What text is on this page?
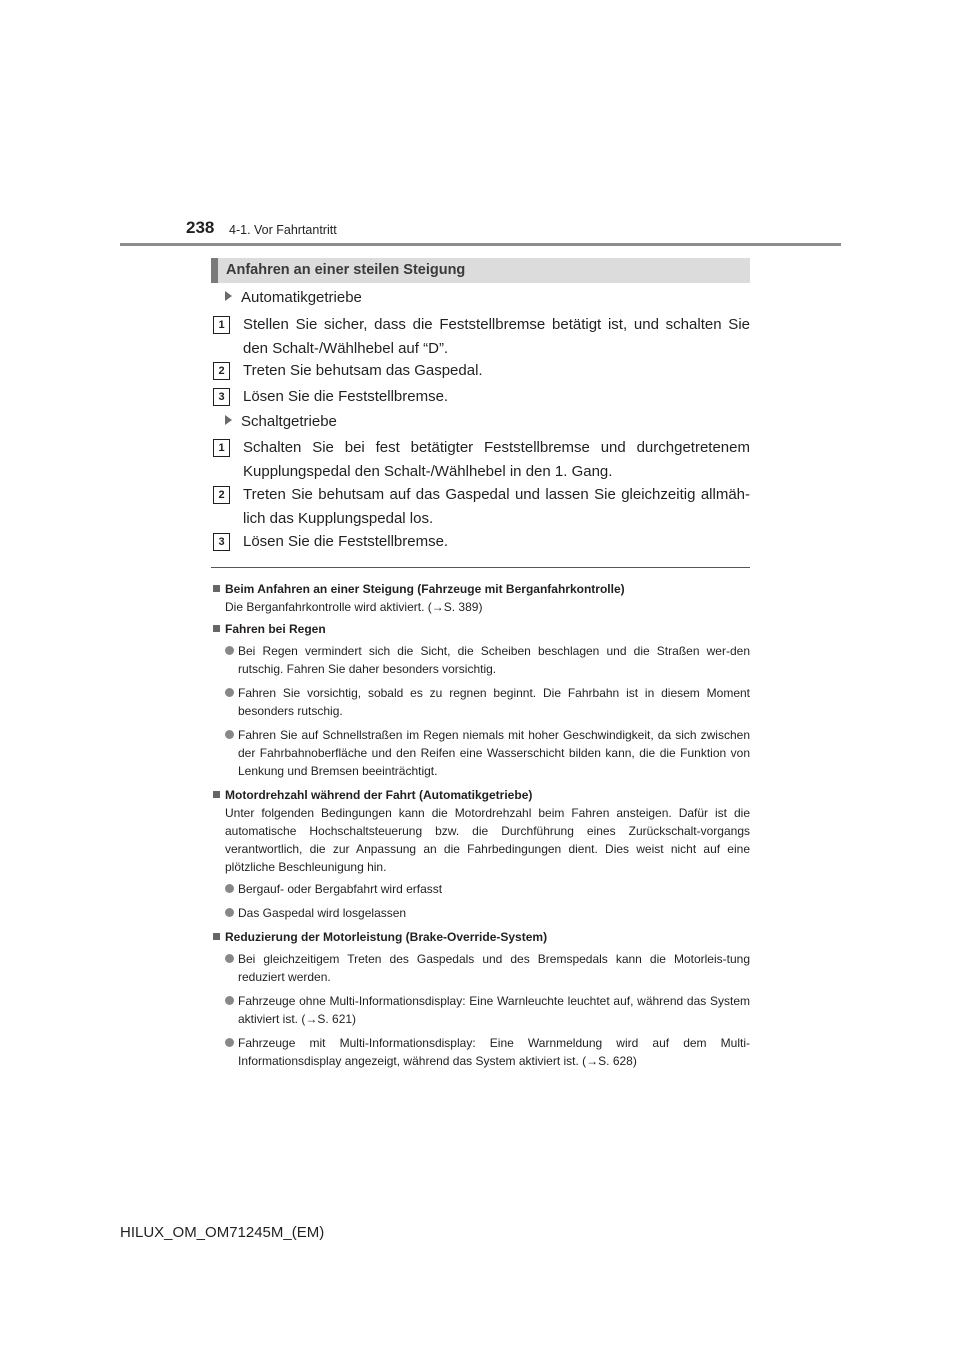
238 4-1. Vor Fahrtantritt
Anfahren an einer steilen Steigung
Automatikgetriebe
1	Stellen Sie sicher, dass die Feststellbremse betätigt ist, und schalten Sie den Schalt-/Wählhebel auf “D”.
2	Treten Sie behutsam das Gaspedal.
3	Lösen Sie die Feststellbremse.
Schaltgetriebe
1	Schalten Sie bei fest betätigter Feststellbremse und durchgetretenem Kupplungspedal den Schalt-/Wählhebel in den 1. Gang.
2	Treten Sie behutsam auf das Gaspedal und lassen Sie gleichzeitig allmäh-lich das Kupplungspedal los.
3	Lösen Sie die Feststellbremse.
Beim Anfahren an einer Steigung (Fahrzeuge mit Berganfahrkontrolle)
Die Berganfahrkontrolle wird aktiviert. (→S. 389)
Fahren bei Regen
Bei Regen vermindert sich die Sicht, die Scheiben beschlagen und die Straßen wer-den rutschig. Fahren Sie daher besonders vorsichtig.
Fahren Sie vorsichtig, sobald es zu regnen beginnt. Die Fahrbahn ist in diesem Moment besonders rutschig.
Fahren Sie auf Schnellstraßen im Regen niemals mit hoher Geschwindigkeit, da sich zwischen der Fahrbahnoberfläche und den Reifen eine Wasserschicht bilden kann, die die Funktion von Lenkung und Bremsen beeinträchtigt.
Motordrehzahl während der Fahrt (Automatikgetriebe)
Unter folgenden Bedingungen kann die Motordrehzahl beim Fahren ansteigen. Dafür ist die automatische Hochschaltsteuerung bzw. die Durchführung eines Zurückschalt-vorgangs verantwortlich, die zur Anpassung an die Fahrbedingungen dient. Dies weist nicht auf eine plötzliche Beschleunigung hin.
Bergauf- oder Bergabfahrt wird erfasst
Das Gaspedal wird losgelassen
Reduzierung der Motorleistung (Brake-Override-System)
Bei gleichzeitigem Treten des Gaspedals und des Bremspedals kann die Motorleis-tung reduziert werden.
Fahrzeuge ohne Multi-Informationsdisplay: Eine Warnleuchte leuchtet auf, während das System aktiviert ist. (→S. 621)
Fahrzeuge mit Multi-Informationsdisplay: Eine Warnmeldung wird auf dem Multi-Informationsdisplay angezeigt, während das System aktiviert ist. (→S. 628)
HILUX_OM_OM71245M_(EM)
